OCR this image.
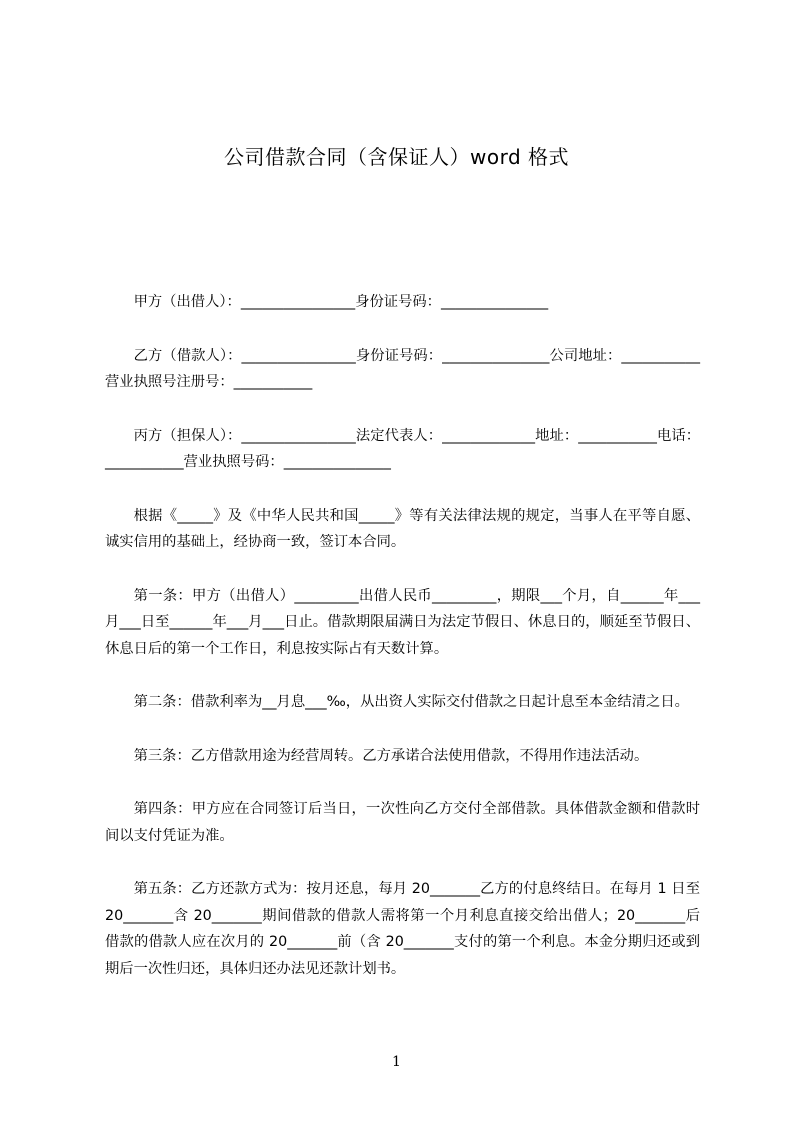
公司借款合同（含保证人）word 格式

甲方（出借人）：________________身份证号码：_______________

乙方（借款人）：________________身份证号码：_______________公司地址：___________营业执照号注册号：___________

丙方（担保人）：________________法定代表人：_____________地址：___________电话：___________营业执照号码：_______________

根据《_____》及《中华人民共和国_____》等有关法律法规的规定，当事人在平等自愿、诚实信用的基础上，经协商一致，签订本合同。

第一条：甲方（出借人）_________出借人民币_________，期限___个月，自______年___月___日至______年___月___日止。借款期限届满日为法定节假日、休息日的，顺延至节假日、休息日后的第一个工作日，利息按实际占有天数计算。

第二条：借款利率为__月息___‰，从出资人实际交付借款之日起计息至本金结清之日。

第三条：乙方借款用途为经营周转。乙方承诺合法使用借款，不得用作违法活动。

第四条：甲方应在合同签订后当日，一次性向乙方交付全部借款。具体借款金额和借款时间以支付凭证为准。

第五条：乙方还款方式为：按月还息，每月 20_______乙方的付息终结日。在每月 1 日至 20_______含 20_______期间借款的借款人需将第一个月利息直接交给出借人；20_______后借款的借款人应在次月的 20_______前（含 20_______支付的第一个利息。本金分期归还或到期后一次性归还，具体归还办法见还款计划书。

1
